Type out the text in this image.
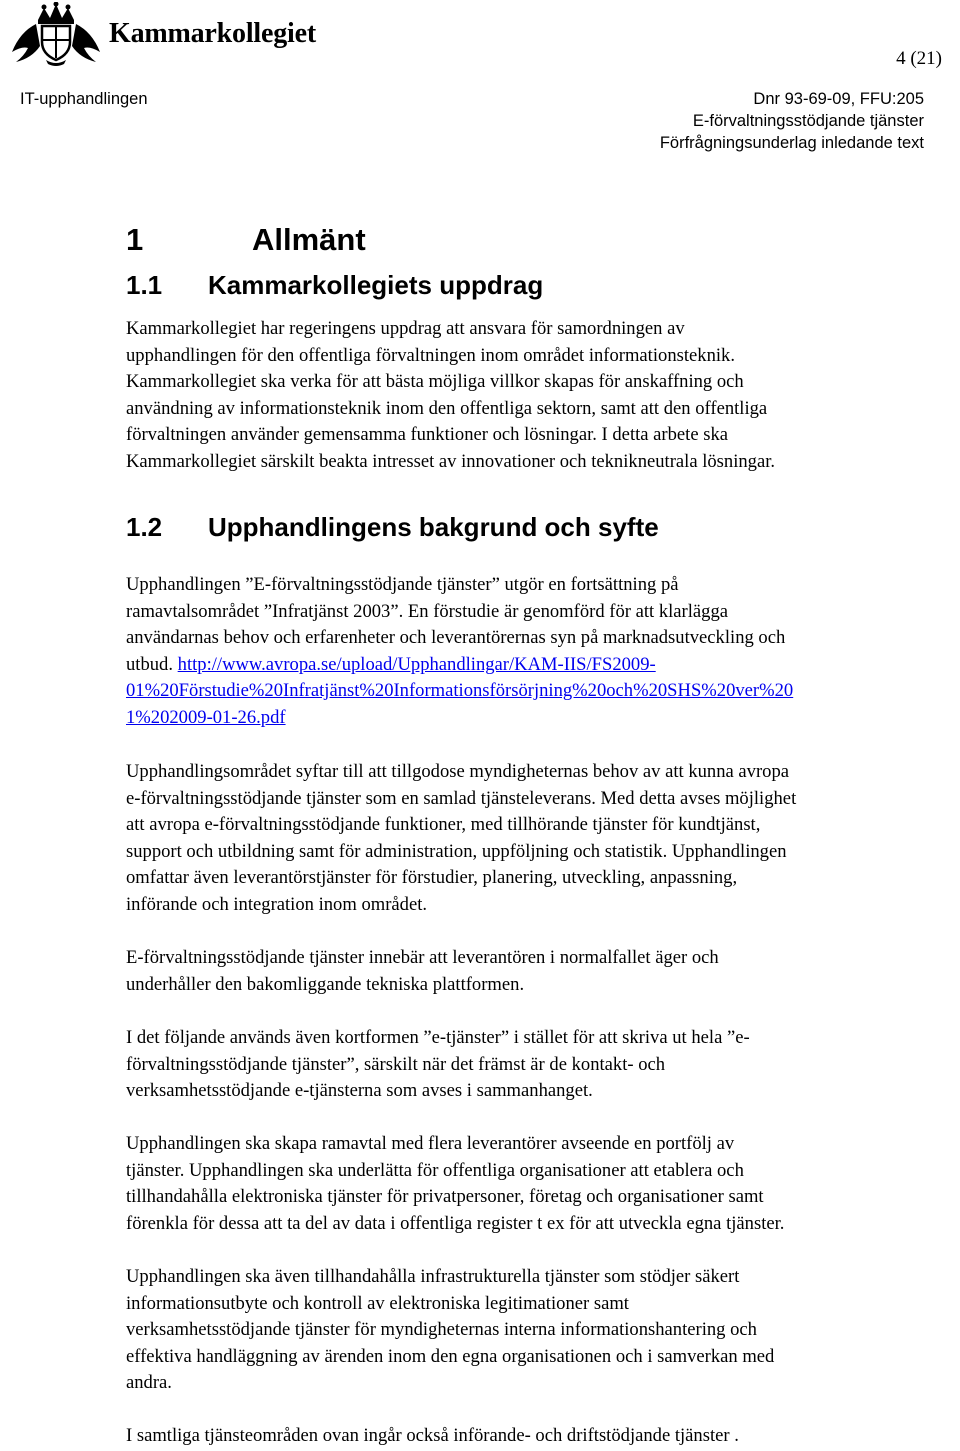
Kammarkollegiet
4 (21)
IT-upphandlingen	Dnr 93-69-09, FFU:205
E-förvaltningsstödjande tjänster
Förfrågningsunderlag inledande text
1	Allmänt
1.1 Kammarkollegiets uppdrag
Kammarkollegiet har regeringens uppdrag att ansvara för samordningen av
upphandlingen för den offentliga förvaltningen inom området informationsteknik.
Kammarkollegiet ska verka för att bästa möjliga villkor skapas för anskaffning och
användning av informationsteknik inom den offentliga sektorn, samt att den offentliga
förvaltningen använder gemensamma funktioner och lösningar. I detta arbete ska
Kammarkollegiet särskilt beakta intresset av innovationer och teknikneutrala lösningar.
1.2 Upphandlingens bakgrund och syfte
Upphandlingen ”E-förvaltningsstödjande tjänster” utgör en fortsättning på
ramavtalsområdet ”Infratjänst 2003”. En förstudie är genomförd för att klarlägga
användarnas behov och erfarenheter och leverantörernas syn på marknadsutveckling och
utbud. http://www.avropa.se/upload/Upphandlingar/KAM-IIS/FS2009-
01%20Förstudie%20Infratjänst%20Informationsförsörjning%20och%20SHS%20ver%20
1%202009-01-26.pdf
Upphandlingsområdet syftar till att tillgodose myndigheternas behov av att kunna avropa
e-förvaltningsstödjande tjänster som en samlad tjänsteleverans. Med detta avses möjlighet
att avropa e-förvaltningsstödjande funktioner, med tillhörande tjänster för kundtjänst,
support och utbildning samt för administration, uppföljning och statistik. Upphandlingen
omfattar även leverantörstjänster för förstudier, planering, utveckling, anpassning,
införande och integration inom området.
E-förvaltningsstödjande tjänster innebär att leverantören i normalfallet äger och
underhåller den bakomliggande tekniska plattformen.
I det följande används även kortformen ”e-tjänster” i stället för att skriva ut hela ”e-
förvaltningsstödjande tjänster”, särskilt när det främst är de kontakt- och
verksamhetsstödjande e-tjänsterna som avses i sammanhanget.
Upphandlingen ska skapa ramavtal med flera leverantörer avseende en portfölj av
tjänster. Upphandlingen ska underlätta för offentliga organisationer att etablera och
tillhandahålla elektroniska tjänster för privatpersoner, företag och organisationer samt
förenkla för dessa att ta del av data i offentliga register t ex för att utveckla egna tjänster.
Upphandlingen ska även tillhandahålla infrastrukturella tjänster som stödjer säkert
informationsutbyte och kontroll av elektroniska legitimationer samt
verksamhetsstödjande tjänster för myndigheternas interna informationshantering och
effektiva handläggning av ärenden inom den egna organisationen och i samverkan med
andra.
I samtliga tjänsteområden ovan ingår också införande- och driftstödjande tjänster .
